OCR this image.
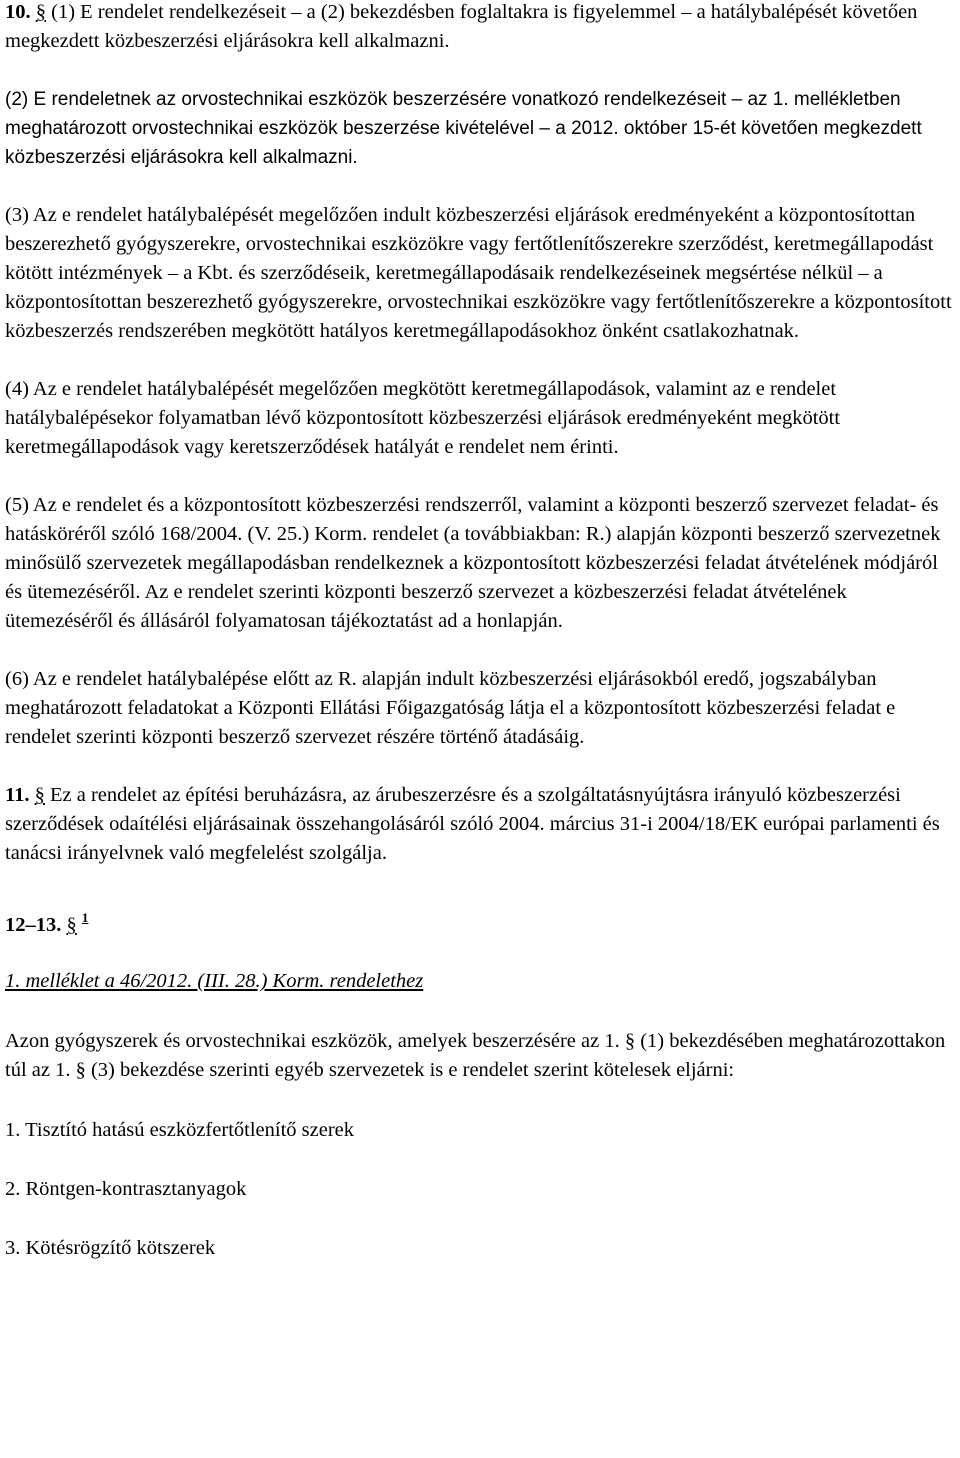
10. § (1) E rendelet rendelkezéseit – a (2) bekezdésben foglaltakra is figyelemmel – a hatálybalépését követően megkezdett közbeszerzési eljárásokra kell alkalmazni.

(2) E rendeletnek az orvostechnikai eszközök beszerzésére vonatkozó rendelkezéseit – az 1. mellékletben meghatározott orvostechnikai eszközök beszerzése kivételével – a 2012. október 15-ét követően megkezdett közbeszerzési eljárásokra kell alkalmazni.

(3) Az e rendelet hatálybalépését megelőzően indult közbeszerzési eljárások eredményeként a központosítottan beszerezhető gyógyszerekre, orvostechnikai eszközökre vagy fertőtlenítőszerekre szerződést, keretmegállapodást kötött intézmények – a Kbt. és szerződéseik, keretmegállapodásaik rendelkezéseinek megsértése nélkül – a központosítottan beszerezhető gyógyszerekre, orvostechnikai eszközökre vagy fertőtlenítőszerekre a központosított közbeszerzés rendszerében megkötött hatályos keretmegállapodásokhoz önként csatlakozhatnak.

(4) Az e rendelet hatálybalépését megelőzően megkötött keretmegállapodások, valamint az e rendelet hatálybalépésekor folyamatban lévő központosított közbeszerzési eljárások eredményeként megkötött keretmegállapodások vagy keretszerződések hatályát e rendelet nem érinti.

(5) Az e rendelet és a központosított közbeszerzési rendszerről, valamint a központi beszerző szervezet feladat- és hatásköréről szóló 168/2004. (V. 25.) Korm. rendelet (a továbbiakban: R.) alapján központi beszerző szervezetnek minősülő szervezetek megállapodásban rendelkeznek a központosított közbeszerzési feladat átvételének módjáról és ütemezéséről. Az e rendelet szerinti központi beszerző szervezet a közbeszerzési feladat átvételének ütemezéséről és állásáról folyamatosan tájékoztatást ad a honlapján.

(6) Az e rendelet hatálybalépése előtt az R. alapján indult közbeszerzési eljárásokból eredő, jogszabályban meghatározott feladatokat a Központi Ellátási Főigazgatóság látja el a központosított közbeszerzési feladat e rendelet szerinti központi beszerző szervezet részére történő átadásáig.

11. § Ez a rendelet az építési beruházásra, az árubeszerzésre és a szolgáltatásnyújtásra irányuló közbeszerzési szerződések odaítélési eljárásainak összehangolásáról szóló 2004. március 31-i 2004/18/EK európai parlamenti és tanácsi irányelvnek való megfelelést szolgálja.

12–13. § $^1$

1. melléklet a 46/2012. (III. 28.) Korm. rendelethez

Azon gyógyszerek és orvostechnikai eszközök, amelyek beszerzésére az 1. § (1) bekezdésében meghatározottakon túl az 1. § (3) bekezdése szerinti egyéb szervezetek is e rendelet szerint kötelesek eljárni:

1. Tisztító hatású eszközfertőtlenítő szerek

2. Röntgen-kontrasztanyagok

3. Kötésrögzítő kötszerek
